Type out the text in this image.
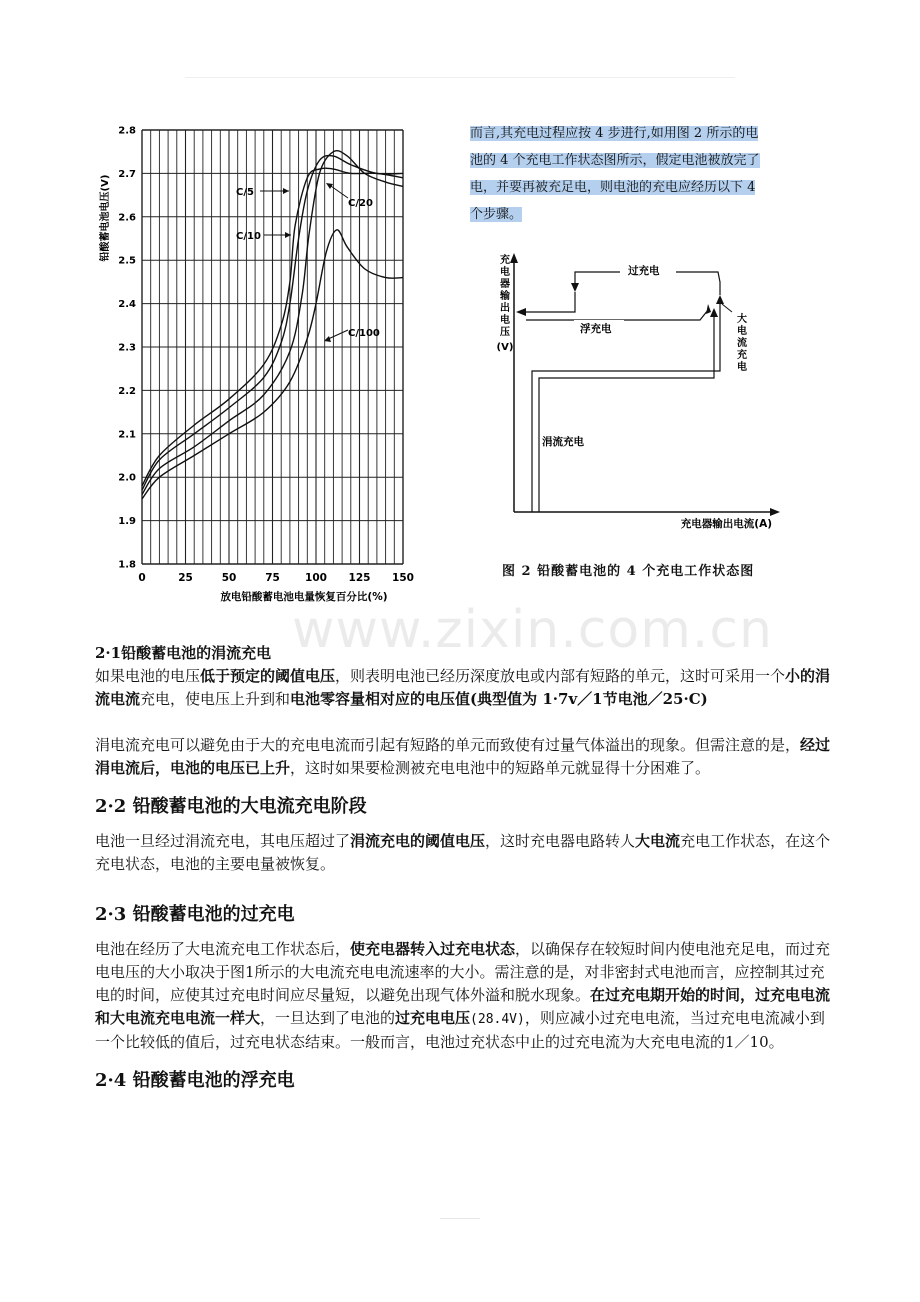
1.8
1.9
2.0
2.1
2.2
2.3
2.4
2.5
2.6
2.7
2.8
0	25	50	75 100 125 150
铅酸蓄电池电压(V)
放电铅酸蓄电池电量恢复百分比(%)
C/5
C/10
C/20
C/100
而言,其充电过程应按 4 步进行,如用图 2 所示的电
池的 4 个充电工作状态图所示，假定电池被放完了
电，并要再被充足电，则电池的充电应经历以下 4
个步骤。
充
电
器
输
出
电
压
(V)
涓流充电
大
电
流
充
电
过充电
浮充电
充电器输出电流(A)
图 2 铅酸蓄电池的 4 个充电工作状态图
www.zixin.com.cn

2·1铅酸蓄电池的涓流充电

如果电池的电压低于预定的阈值电压，则表明电池已经历深度放电或内部有短路的单元，这时可采用一个小的涓流电流充电，使电压上升到和电池零容量相对应的电压值(典型值为 1·7v／1节电池／25·C)

涓电流充电可以避免由于大的充电电流而引起有短路的单元而致使有过量气体溢出的现象。但需注意的是，经过涓电流后，电池的电压已上升，这时如果要检测被充电电池中的短路单元就显得十分困难了。

2·2 铅酸蓄电池的大电流充电阶段

电池一旦经过涓流充电，其电压超过了涓流充电的阈值电压，这时充电器电路转人大电流充电工作状态，在这个充电状态，电池的主要电量被恢复。

2·3 铅酸蓄电池的过充电

电池在经历了大电流充电工作状态后，使充电器转入过充电状态，以确保存在较短时间内使电池充足电，而过充电电压的大小取决于图1所示的大电流充电电流速率的大小。需注意的是，对非密封式电池而言，应控制其过充电的时间，应使其过充电时间应尽量短，以避免出现气体外溢和脱水现象。在过充电期开始的时间，过充电电流和大电流充电电流一样大，一旦达到了电池的过充电电压(28.4V)，则应减小过充电电流，当过充电电流减小到一个比较低的值后，过充电状态结束。一般而言，电池过充状态中止的过充电流为大充电电流的1／10。

2·4 铅酸蓄电池的浮充电
